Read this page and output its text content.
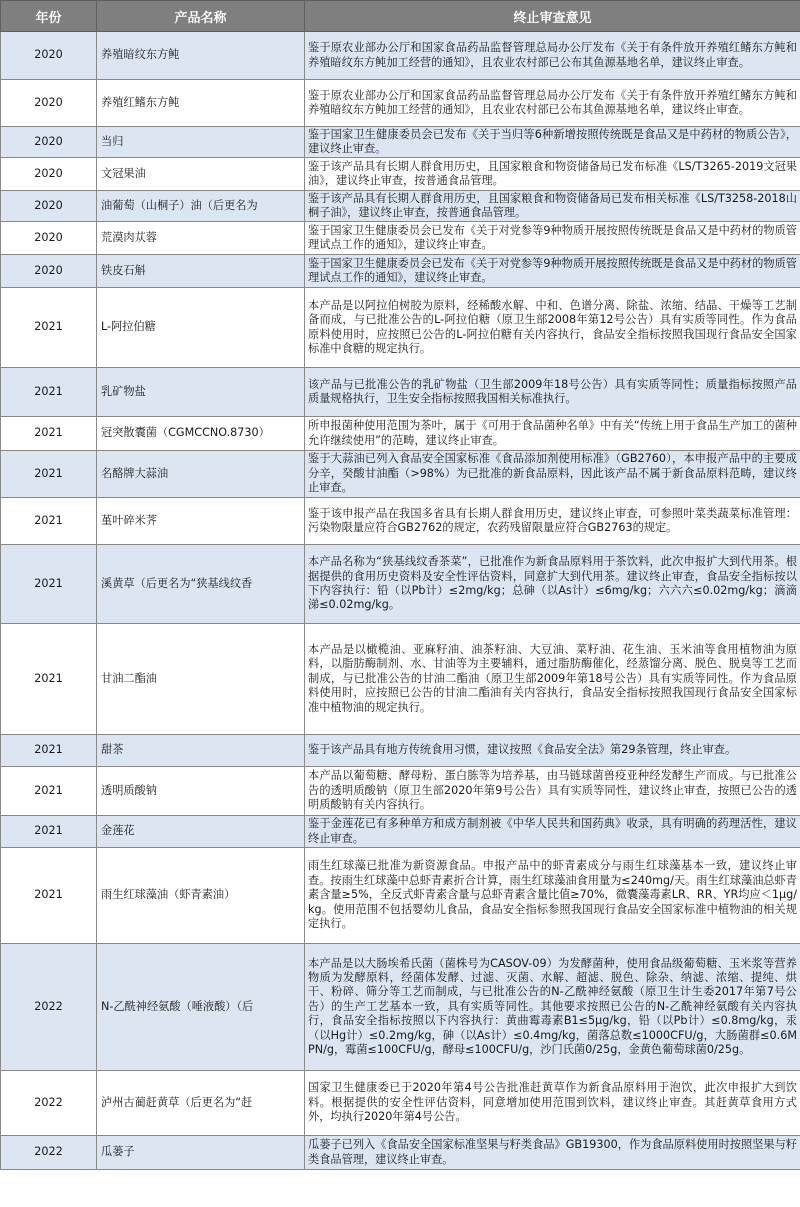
年份	产品名称	终止审查意见
2020	养殖暗纹东方鲀	鉴于原农业部办公厅和国家食品药品监督管理总局办公厅发布《关于有条件放开养殖红鳍东方鲀和养殖暗纹东方鲀加工经营的通知》，且农业农村部已公布其鱼源基地名单，建议终止审查。
2020	养殖红鳍东方鲀	鉴于原农业部办公厅和国家食品药品监督管理总局办公厅发布《关于有条件放开养殖红鳍东方鲀和养殖暗纹东方鲀加工经营的通知》，且农业农村部已公布其鱼源基地名单，建议终止审查。
2020	当归	鉴于国家卫生健康委员会已发布《关于当归等6种新增按照传统既是食品又是中药材的物质公告》，建议终止审查。
2020	文冠果油	鉴于该产品具有长期人群食用历史，且国家粮食和物资储备局已发布标准《LS/T3265-2019文冠果油》，建议终止审查，按普通食品管理。
2020	油葡萄（山桐子）油（后更名为	鉴于该产品具有长期人群食用历史，且国家粮食和物资储备局已发布相关标准《LS/T3258-2018山桐子油》，建议终止审查，按普通食品管理。
2020	荒漠肉苁蓉	鉴于国家卫生健康委员会已发布《关于对党参等9种物质开展按照传统既是食品又是中药材的物质管理试点工作的通知》，建议终止审查。
2020	铁皮石斛	鉴于国家卫生健康委员会已发布《关于对党参等9种物质开展按照传统既是食品又是中药材的物质管理试点工作的通知》，建议终止审查。
2021	L-阿拉伯糖	本产品是以阿拉伯树胶为原料，经稀酸水解、中和、色谱分离、除盐、浓缩、结晶、干燥等工艺制备而成，与已批准公告的L-阿拉伯糖（原卫生部2008年第12号公告）具有实质等同性。作为食品原料使用时，应按照已公告的L-阿拉伯糖有关内容执行，食品安全指标按照我国现行食品安全国家标准中食糖的规定执行。
2021	乳矿物盐	该产品与已批准公告的乳矿物盐（卫生部2009年18号公告）具有实质等同性；质量指标按照产品质量规格执行，卫生安全指标按照我国相关标准执行。
2021	冠突散囊菌（CGMCCNO.8730）	所申报菌种使用范围为茶叶，属于《可用于食品菌种名单》中有关“传统上用于食品生产加工的菌种允许继续使用”的范畴，建议终止审查。
2021	名酪牌大蒜油	鉴于大蒜油已列入食品安全国家标准《食品添加剂使用标准》（GB2760），本申报产品中的主要成分辛，癸酸甘油酯（>98%）为已批准的新食品原料，因此该产品不属于新食品原料范畴，建议终止审查。
2021	堇叶碎米荠	鉴于该申报产品在我国多省具有长期人群食用历史，建议终止审查，可参照叶菜类蔬菜标准管理：污染物限量应符合GB2762的规定，农药残留限量应符合GB2763的规定。
2021	溪黄草（后更名为“狭基线纹香	本产品名称为“狭基线纹香茶菜”，已批准作为新食品原料用于茶饮料，此次申报扩大到代用茶。根据提供的食用历史资料及安全性评估资料，同意扩大到代用茶。建议终止审查，食品安全指标按以下内容执行：铅（以Pb计）≤2mg/kg；总砷（以As计）≤6mg/kg；六六六≤0.02mg/kg；滴滴涕≤0.02mg/kg。
2021	甘油二酯油	本产品是以橄榄油、亚麻籽油、油茶籽油、大豆油、菜籽油、花生油、玉米油等食用植物油为原料，以脂肪酶制剂、水、甘油等为主要辅料，通过脂肪酶催化，经蒸馏分离、脱色、脱臭等工艺而制成，与已批准公告的甘油二酯油（原卫生部2009年第18号公告）具有实质等同性。作为食品原料使用时，应按照已公告的甘油二酯油有关内容执行，食品安全指标按照我国现行食品安全国家标准中植物油的规定执行。
2021	甜茶	鉴于该产品具有地方传统食用习惯，建议按照《食品安全法》第29条管理，终止审查。
2021	透明质酸钠	本产品以葡萄糖、酵母粉、蛋白胨等为培养基，由马链球菌兽疫亚种经发酵生产而成。与已批准公告的透明质酸钠（原卫生部2020年第9号公告）具有实质等同性，建议终止审查，按照已公告的透明质酸钠有关内容执行。
2021	金莲花	鉴于金莲花已有多种单方和成方制剂被《中华人民共和国药典》收录，具有明确的药理活性，建议终止审查。
2021	雨生红球藻油（虾青素油）	雨生红球藻已批准为新资源食品。申报产品中的虾青素成分与雨生红球藻基本一致，建议终止审查。按雨生红球藻中总虾青素折合计算，雨生红球藻油食用量为≤240mg/天。雨生红球藻油总虾青素含量≥5%，全反式虾青素含量与总虾青素含量比值≥70%，微囊藻毒素LR、RR、YR均应＜1μg/kg。使用范围不包括婴幼儿食品，食品安全指标参照我国现行食品安全国家标准中植物油的相关规定执行。
2022	N-乙酰神经氨酸（唾液酸）（后	本产品是以大肠埃希氏菌（菌株号为CASOV-09）为发酵菌种，使用食品级葡萄糖、玉米浆等营养物质为发酵原料，经菌体发酵、过滤、灭菌、水解、超滤、脱色、除杂、纳滤、浓缩、提纯、烘干、粉碎、筛分等工艺而制成，与已批准公告的N-乙酰神经氨酸（原卫生计生委2017年第7号公告）的生产工艺基本一致，具有实质等同性。其他要求按照已公告的N-乙酰神经氨酸有关内容执行，食品安全指标按照以下内容执行：黄曲霉毒素B1≤5μg/kg，铅（以Pb计）≤0.8mg/kg，汞（以Hg计）≤0.2mg/kg，砷（以As计）≤0.4mg/kg，菌落总数≤1000CFU/g，大肠菌群≤0.6MPN/g，霉菌≤100CFU/g，酵母≤100CFU/g，沙门氏菌0/25g，金黄色葡萄球菌0/25g。
2022	泸州古蔺赶黄草（后更名为“赶	国家卫生健康委已于2020年第4号公告批准赶黄草作为新食品原料用于泡饮，此次申报扩大到饮料。根据提供的安全性评估资料，同意增加使用范围到饮料，建议终止审查。其赶黄草食用方式外，均执行2020年第4号公告。
2022	瓜蒌子	瓜蒌子已列入《食品安全国家标准坚果与籽类食品》GB19300，作为食品原料使用时按照坚果与籽类食品管理，建议终止审查。
